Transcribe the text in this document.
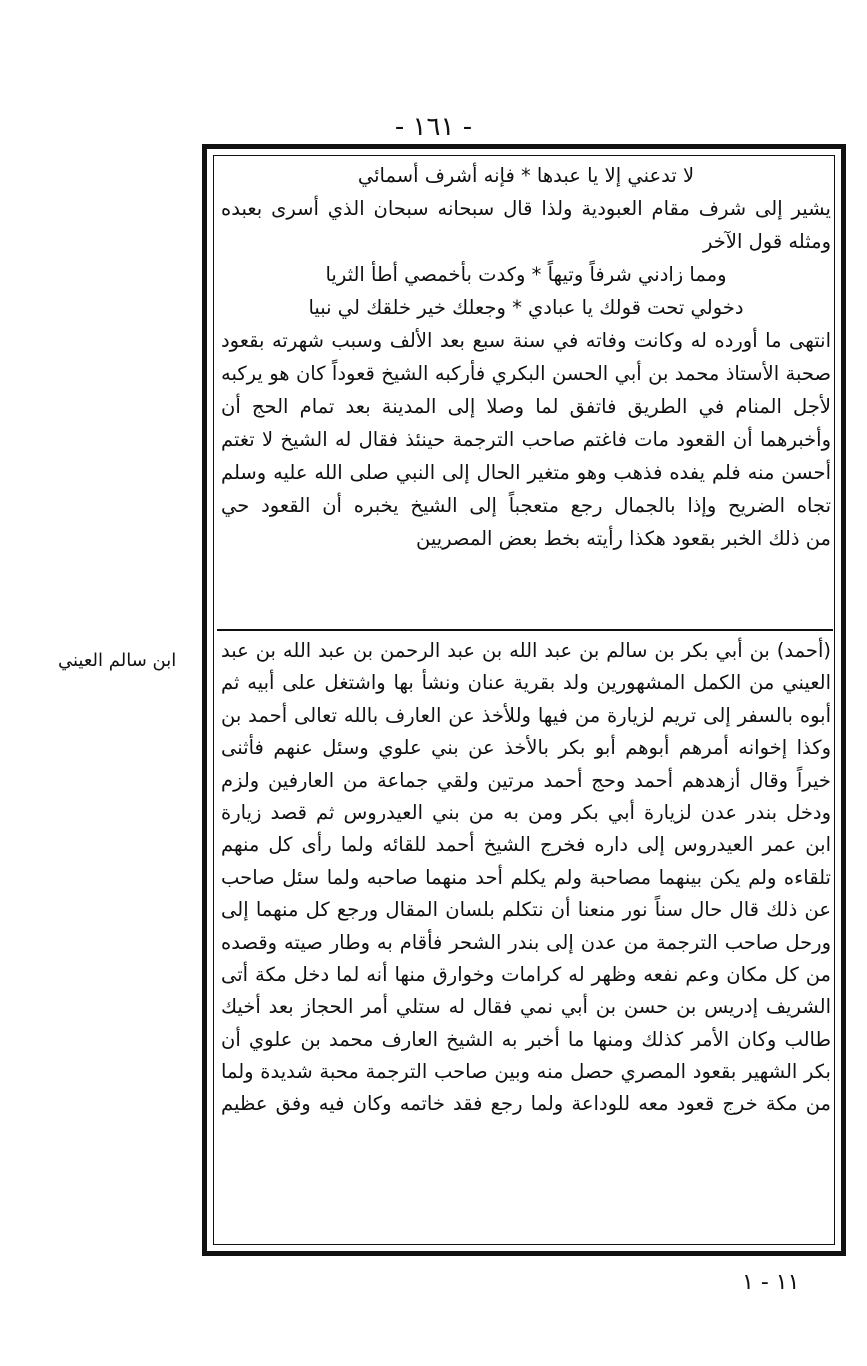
- ١٦١ -
لا تدعني إلا يا عبدها * فإنه أشرف أسمائي
يشير إلى شرف مقام العبودية ولذا قال سبحانه سبحان الذي أسرى بعبده
ومثله قول الآخر
ومما زادني شرفاً وتيهاً * وكدت بأخمصي أطأ الثريا
دخولي تحت قولك يا عبادي * وجعلك خير خلقك لي نبيا
انتهى ما أورده له وكانت وفاته في سنة سبع بعد الألف وسبب شهرته بقعود
صحبة الأستاذ محمد بن أبي الحسن البكري فأركبه الشيخ قعوداً كان هو يركبه
لأجل المنام في الطريق فاتفق لما وصلا إلى المدينة بعد تمام الحج أن
وأخبرهما أن القعود مات فاغتم صاحب الترجمة حينئذ فقال له الشيخ لا تغتم
أحسن منه فلم يفده فذهب وهو متغير الحال إلى النبي صلى الله عليه وسلم
تجاه الضريح وإذا بالجمال رجع متعجباً إلى الشيخ يخبره أن القعود حي
من ذلك الخبر بقعود هكذا رأيته بخط بعض المصريين
(أحمد) بن أبي بكر بن سالم بن عبد الله بن عبد الرحمن بن عبد الله بن عبد
العيني من الكمل المشهورين ولد بقرية عنان ونشأ بها واشتغل على أبيه ثم
أبوه بالسفر إلى تريم لزيارة من فيها وللأخذ عن العارف بالله تعالى أحمد بن
وكذا إخوانه أمرهم أبوهم أبو بكر بالأخذ عن بني علوي وسئل عنهم فأثنى
خيراً وقال أزهدهم أحمد وحج أحمد مرتين ولقي جماعة من العارفين ولزم
ودخل بندر عدن لزيارة أبي بكر ومن به من بني العيدروس ثم قصد زيارة
ابن عمر العيدروس إلى داره فخرج الشيخ أحمد للقائه ولما رأى كل منهم
تلقاءه ولم يكن بينهما مصاحبة ولم يكلم أحد منهما صاحبه ولما سئل صاحب
عن ذلك قال حال سناً نور منعنا أن نتكلم بلسان المقال ورجع كل منهما إلى
ورحل صاحب الترجمة من عدن إلى بندر الشحر فأقام به وطار صيته وقصده
من كل مكان وعم نفعه وظهر له كرامات وخوارق منها أنه لما دخل مكة أتى
الشريف إدريس بن حسن بن أبي نمي فقال له ستلي أمر الحجاز بعد أخيك
طالب وكان الأمر كذلك ومنها ما أخبر به الشيخ العارف محمد بن علوي أن
بكر الشهير بقعود المصري حصل منه وبين صاحب الترجمة محبة شديدة ولما
من مكة خرج قعود معه للوداعة ولما رجع فقد خاتمه وكان فيه وفق عظيم
ابن سالم العيني
١١ - ١
